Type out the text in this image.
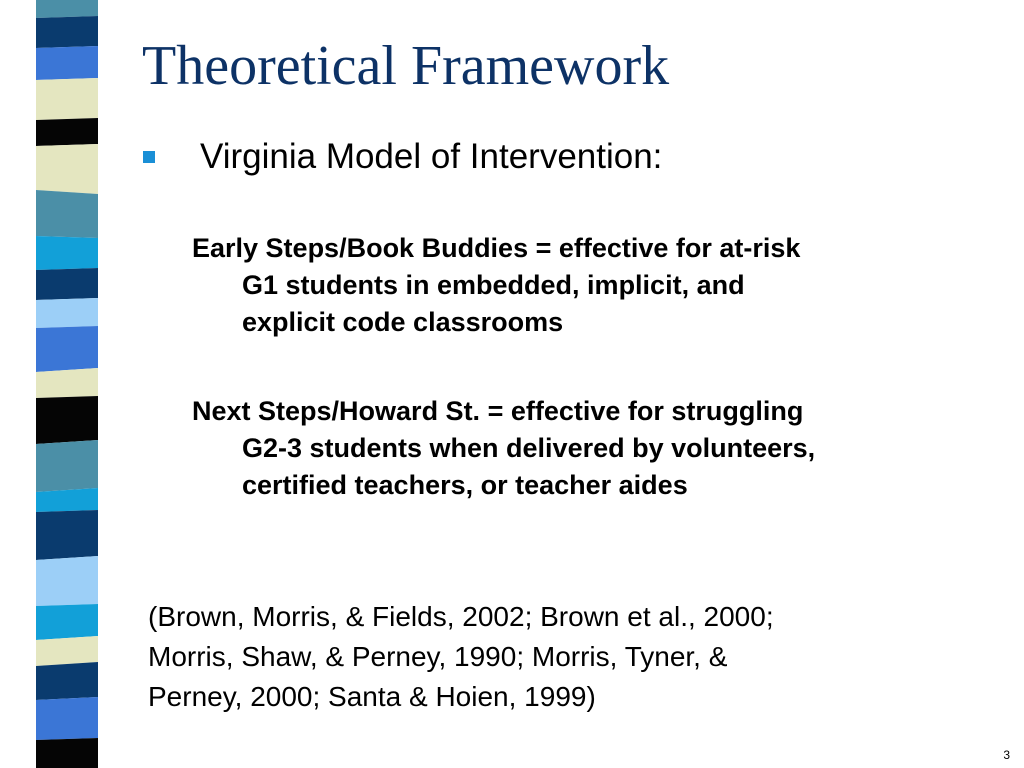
Theoretical Framework
Virginia Model of Intervention:
Early Steps/Book Buddies = effective for at-risk
G1 students in embedded, implicit, and
explicit code classrooms
Next Steps/Howard St. = effective for struggling
G2-3 students when delivered by volunteers,
certified teachers, or teacher aides
(Brown, Morris, & Fields, 2002; Brown et al., 2000;
Morris, Shaw, & Perney, 1990; Morris, Tyner, &
Perney, 2000; Santa & Hoien, 1999)
3
